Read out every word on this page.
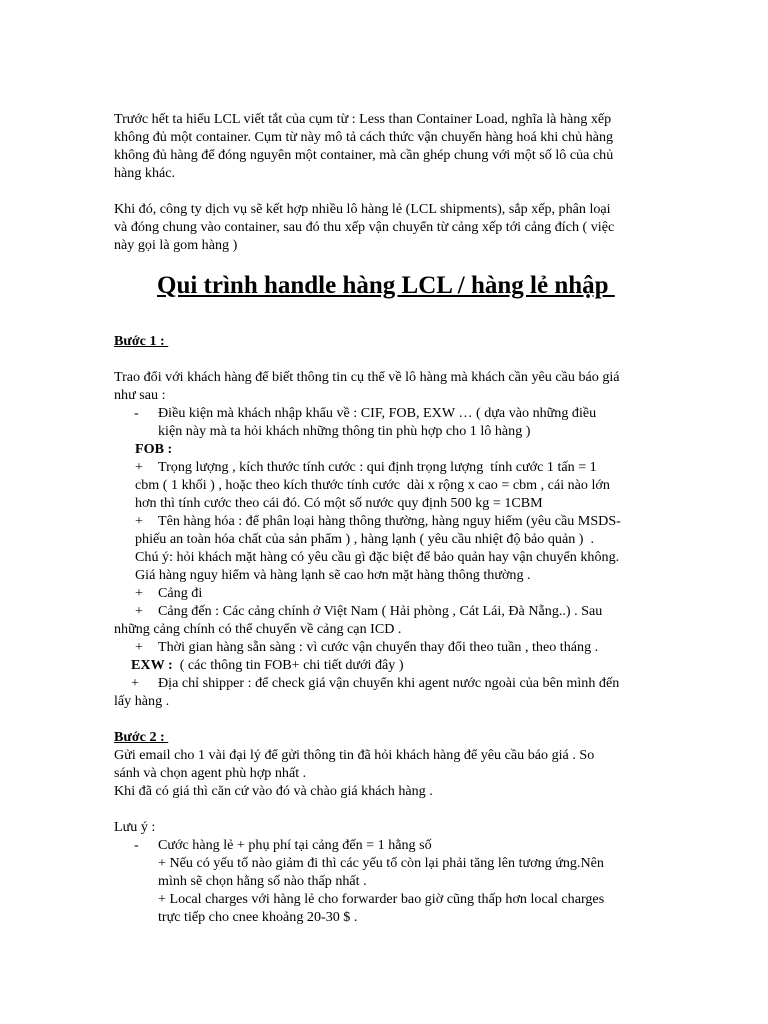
Trước hết ta hiểu LCL viết tắt của cụm từ : Less than Container Load, nghĩa là hàng xếp

không đủ một container. Cụm từ này mô tả cách thức vận chuyển hàng hoá khi chủ hàng

không đủ hàng để đóng nguyên một container, mà cần ghép chung với một số lô của chủ

hàng khác.

Khi đó, công ty dịch vụ sẽ kết hợp nhiều lô hàng lẻ (LCL shipments), sắp xếp, phân loại

và đóng chung vào container, sau đó thu xếp vận chuyển từ cảng xếp tới cảng đích ( việc

này gọi là gom hàng )

Qui trình handle hàng LCL / hàng lẻ nhập

Bước 1 :

Trao đổi với khách hàng để biết thông tin cụ thể về lô hàng mà khách cần yêu cầu báo giá

như sau :

- Điều kiện mà khách nhập khẩu về : CIF, FOB, EXW … ( dựa vào những điều

kiện này mà ta hỏi khách những thông tin phù hợp cho 1 lô hàng )

FOB :

+ Trọng lượng , kích thước tính cước : qui định trọng lượng  tính cước 1 tấn = 1

cbm ( 1 khối ) , hoặc theo kích thước tính cước  dài x rộng x cao = cbm , cái nào lớn

hơn thì tính cước theo cái đó. Có một số nước quy định 500 kg = 1CBM

+ Tên hàng hóa : để phân loại hàng thông thường, hàng nguy hiểm (yêu cầu MSDS-

phiếu an toàn hóa chất của sản phẩm ) , hàng lạnh ( yêu cầu nhiệt độ bảo quản )  .

Chú ý: hỏi khách mặt hàng có yêu cầu gì đặc biệt để bảo quản hay vận chuyển không.

Giá hàng nguy hiểm và hàng lạnh sẽ cao hơn mặt hàng thông thường .

+ Cảng đi

+ Cảng đến : Các cảng chính ở Việt Nam ( Hải phòng , Cát Lái, Đà Nẵng..) . Sau

những cảng chính có thể chuyển về cảng cạn ICD .

+ Thời gian hàng sẵn sàng : vì cước vận chuyển thay đổi theo tuần , theo tháng .

EXW :  ( các thông tin FOB+ chi tiết dưới đây )

+ Địa chỉ shipper : để check giá vận chuyển khi agent nước ngoài của bên mình đến

lấy hàng .

Bước 2 :

Gửi email cho 1 vài đại lý để gửi thông tin đã hỏi khách hàng để yêu cầu báo giá . So

sánh và chọn agent phù hợp nhất .

Khi đã có giá thì căn cứ vào đó và chào giá khách hàng .

Lưu ý :

- Cước hàng lẻ + phụ phí tại cảng đến = 1 hằng số

+ Nếu có yếu tố nào giảm đi thì các yếu tố còn lại phải tăng lên tương ứng.Nên

mình sẽ chọn hằng số nào thấp nhất .

+ Local charges với hàng lẻ cho forwarder bao giờ cũng thấp hơn local charges

trực tiếp cho cnee khoảng 20-30 $ .
